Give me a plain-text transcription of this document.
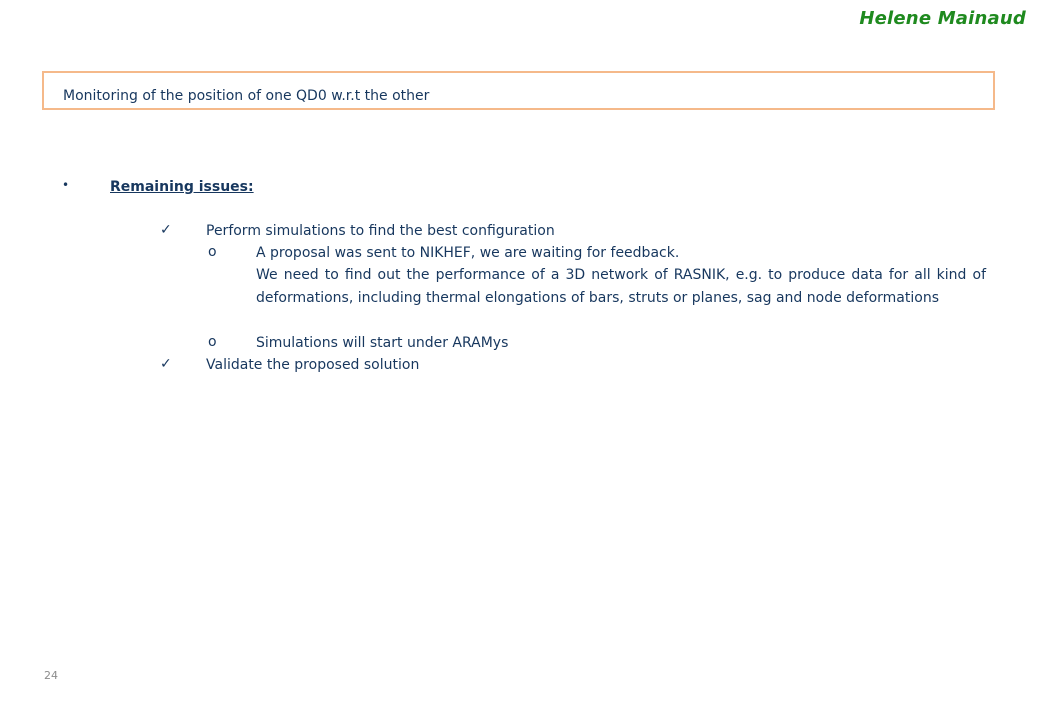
Helene Mainaud
Monitoring of the position of one QD0 w.r.t the other
•	Remaining issues:
✓ Perform simulations to find the best configuration
o	A proposal was sent to NIKHEF, we are waiting for feedback.
We need to find out the performance of a 3D network of RASNIK, e.g. to produce data for all kind of deformations, including thermal elongations of bars, struts or planes, sag and node deformations
o	Simulations will start under ARAMys
✓ Validate the proposed solution
24
